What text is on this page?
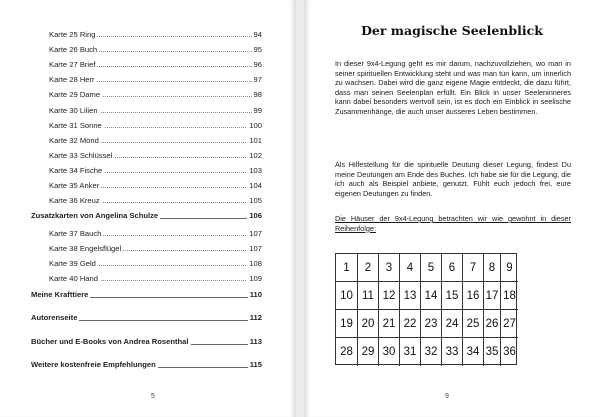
Karte 25 Ring	94
Karte 26 Buch	95
Karte 27 Brief	96
Karte 28 Herr	97
Karte 29 Dame	98
Karte 30 Lilien	99
Karte 31 Sonne	100
Karte 32 Mond	101
Karte 33 Schlüssel	102
Karte 34 Fische	103
Karte 35 Anker	104
Karte 36 Kreuz	105
Zusatzkarten von Angelina Schulze	106
Karte 37 Bauch	107
Karte 38 Engelsflügel	107
Karte 39 Geld	108
Karte 40 Hand	109
Meine Krafttiere	110
Autorenseite	112
Bücher und E-Books von Andrea Rosenthal	113
Weitere kostenfreie Empfehlungen	115
5
Der magische Seelenblick
In dieser 9x4-Legung geht es mir darum, nachzuvollziehen, wo man in seiner spirituellen Entwicklung steht und was man tun kann, um innerlich zu wachsen. Dabei wird die ganz eigene Magie entdeckt, die dazu führt, dass man seinen Seelenplan erfüllt. Ein Blick in unser Seeleninneres kann dabei besonders wertvoll sein, ist es doch ein Einblick in seelische Zusammenhänge, die auch unser äusseres Leben bestimmen.
Als Hilfestellung für die spirituelle Deutung dieser Legung, findest Du meine Deutungen am Ende des Buches. Ich habe sie für die Legung, die ich auch als Beispiel anbiete, genutzt. Fühlt euch jedoch frei, eure eigenen Deutungen zu finden.
Die Häuser der 9x4-Legung betrachten wir wie gewohnt in dieser Reihenfolge:
1	2	3	4	5	6	7	8 9
10 11 12 13 14 15 16 17 18
19 20 21 22 23 24 25 26 27
28 29 30 31 32 33 34 35 36
9
